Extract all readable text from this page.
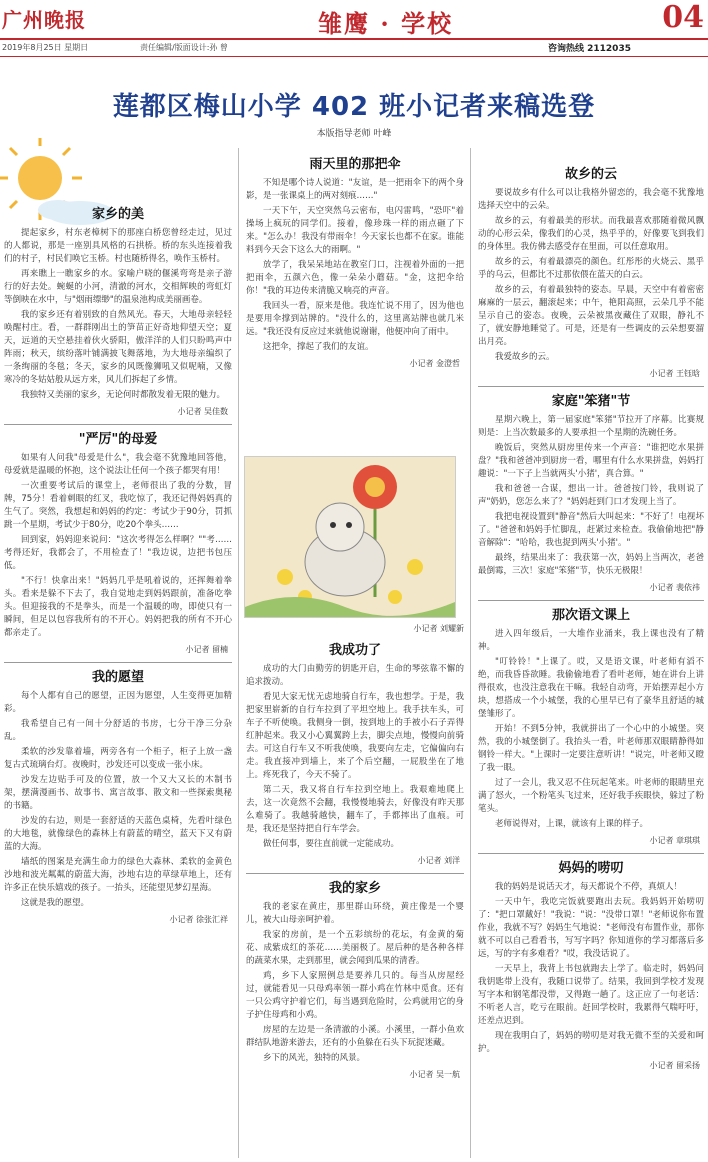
广州晚报	雏鹰 · 学校	04
2019年8月25日 星期日	责任编辑/版面设计:孙 曾	咨询热线 2112035
莲都区梅山小学 402 班小记者来稿选登
本版指导老师 叶峰
家乡的美

提起家乡，村东老樟树下的那座白桥您曾经走过，见过的人都说，那是一座别具风格的石拱桥。桥的东头连接着我们的村子，村民们唤它玉桥。村也随桥得名，唤作玉桥村。

再来瞧上一瞧家乡的水。家喻户晓的偃溪弯弯是亲子游行的好去处。蜿蜒的小河，清澈的河水，交相辉映的弯虹灯等倒映在水中，与"烟雨缥缈"的温泉池构成美丽画卷。

我的家乡还有着别致的自然风光。春天，大地母亲轻轻唤醒村庄。看，一群群刚出土的笋苗正好奇地仰望天空；夏天，远道的天空悬挂着伙火骄阳，傲洋洋的人们只盼鸣声中阵雨；秋天，缤纷落叶铺满披飞舞落地，为大地母亲编织了一条绚丽的冬毯；冬天，家乡的风既像狮吼又似呢喃，又像寒冷的冬姑姑般从远方来，风儿们拆起了乡情。

我独特又美丽的家乡，无论何时都散发着无限的魅力。

小记者 吴佳数
"严厉"的母爱

如果有人问我"母爱是什么"，我会毫不犹豫地回答他，母爱就是温暖的怀抱，这个说法让任何一个孩子都哭有用！

一次重要考试后的课堂上，老师很出了我的分数，冒牌，75分！看着刺眼的红叉，我吃惊了，我还记得妈妈真的生气了。突然，我想起和妈妈的约定：考试少于90分，罚抓跳一个星期，考试少于80分，吃20个拳头……

回到家，妈妈迎来说问："这次考得怎么样啊？""考……考得还好，我都会了，不用检查了！"我边说，边把书包压低。

"不行！快拿出来！"妈妈几乎是吼着说的，还挥舞着拳头。看来是躲不下去了，我自觉地走到妈妈跟前，准备吃拳头。但迎接我的不是拳头，而是一个温暖的吻，即使只有一瞬间，但足以包容我所有的不开心。妈妈把我的所有不开心都亲走了。

小记者 留楠
我的愿望

每个人都有自己的愿望，正因为愿望，人生变得更加精彩。

我希望自己有一间十分舒适的书房，七分干净三分杂乱。

柔软的沙发靠着墙，两旁各有一个柜子，柜子上放一盏复古式琉璃台灯。夜晚时，沙发还可以变成一张小床。

沙发左边贴手可及的位置，放一个又大又长的木制书架，摆满漫画书、故事书、寓言故事、散文和一些探索奥秘的书籍。

沙发的右边，则是一套舒适的天蓝色桌椅，先看叶绿色的大地毯，就像绿色的森林上有蔚蓝的晴空，蓝天下又有蔚蓝的大海。

墙纸的图案是充满生命力的绿色大森林、柔软的金黄色沙地和波光粼粼的蔚蓝大海，沙地右边的草绿草地上，还有许多正在快乐嬉戏的孩子。一抬头，还能望见梦幻星海。

这就是我的愿望。

小记者 徐张汇祥
雨天里的那把伞

不知是哪个诗人说道："友谊，是一把雨伞下的两个身影，是一张课桌上的两对刻痕……"

一天下午，天空突然乌云密布，电闪雷鸣，"恐吓"着操场上疯玩的同学们。接着，像珍珠一样的雨点砸了下来。"怎么办！我没有带雨伞！今天家长也都不在家。谁能料到今天会下这么大的雨啊。"

放学了，我呆呆地站在教室门口，注视着外面的一把把雨伞，五颜六色，像一朵朵小蘑菇。"金，这把伞给你！"我的耳边传来清脆又响亮的声音。

我回头一看，原来是他。我连忙说不用了，因为他也是要用伞撑到站牌的。"没什么的，这里离站牌也就几米远。"我还没有反应过来就他说谢谢，他便冲向了雨中。

这把伞，撑起了我们的友谊。

小记者 金澄哲
小记者 刘耀新
我成功了

成功的大门由勤劳的钥匙开启，生命的琴弦靠不懈的追求拨动。

看见大家无忧无虑地骑自行车，我也想学。于是，我把家里崭新的自行车拉到了平坦空地上。我手扶车头，可车子不听使唤。我侧身一倒，按到地上的手被小石子弄得红肿起来。我又小心翼翼跨上去，脚尖点地，慢慢向前骑去。可这自行车又不听我使唤，我要向左走，它偏偏向右走。我直接冲到墙上，来了个后空翻，一屁股坐在了地上。疼死我了，今天不骑了。

第二天，我又将自行车拉到空地上。我艰难地爬上去，这一次竟然不会翻，我慢慢地骑去，好像没有昨天那么难骑了。我越骑越快，翻车了，手都摔出了血痕。可是，我还是坚持把自行车学会。

做任何事，要往直前就一定能成功。

小记者 刘洋
我的家乡

我的老家在黄庄，那里群山环绕，黄庄像是一个婴儿，被大山母亲呵护着。

我家的房前，是一个五彩缤纷的花坛，有金黄的菊花、成紫成红的茶花……美丽极了。屋后种的是各种各样的蔬菜水果，走到那里，就会闻到瓜果的清香。

鸡，乡下人家照例总是要养几只的。每当从房屋经过，就能看见一只母鸡率领一群小鸡在竹林中觅食。还有一只公鸡守护着它们，每当遇到危险时，公鸡就用它的身子护住母鸡和小鸡。

房屋的左边是一条清澈的小溪。小溪里，一群小鱼欢群结队地游来游去，还有的小鱼躲在石头下玩捉迷藏。

乡下的风光，独特的风景。

小记者 吴一航
故乡的云

要说故乡有什么可以让我格外留恋的，我会毫不犹豫地选择天空中的云朵。

故乡的云，有着最美的形状。而我最喜欢那随着微风飘动的心形云朵，像我们的心灵，热乎乎的，好像要飞到我们的身体里。我仿佛去感受存在里面，可以任意取用。

故乡的云，有着最漂亮的颜色。红彤彤的火烧云、黑乎乎的乌云，但都比不过那依偎在蓝天的白云。

故乡的云，有着最独特的姿态。早晨，天空中有着密密麻麻的一层云，翻滚起来；中午，艳阳高照，云朵几乎不能呈示自己的姿态。夜晚，云朵被黑夜藏住了双眼，静礼不了，就安静地睡觉了。可是，还是有一些调皮的云朵想要溜出月亮。

我爱故乡的云。

小记者 王钰晗
家庭"笨猪"节

星期六晚上，第一届家庭"笨猪"节拉开了序幕。比赛规则是：上当次数最多的人要承担一个星期的洗碗任务。

晚饭后，突然从厨房里传来一个声音："谁把吃水果拼盘？"我和爸爸冲到厨房一看，哪里有什么水果拼盘，妈妈打趣说："一下子上当就两头'小猪'，真合算。"

我和爸爸一合谋，想出一计。爸爸按门铃，我则说了声"奶奶，您怎么来了？"妈妈赶到门口才发现上当了。

我把电视设置到"静音"然后大叫起来："不好了！电视坏了。"爸爸和妈妈手忙脚乱，赶紧过来检查。我偷偷地把"静音解除"："哈哈，我也捉到两头'小猪'。"

最终，结果出来了：我获第一次，妈妈上当两次，老爸最倒霉，三次！家庭"笨猪"节，快乐无极限！

小记者 裴依祎
那次语文课上

进入四年级后，一大堆作业涌来，我上课也没有了精神。

"叮铃铃！"上课了。哎，又是语文课，叶老师有滔不绝，而我昏昏欲睡。我偷偷地看了看叶老师，她在讲台上讲得很欢，也没注意我在干嘛。我轻自动弯，开始摆弄起小方块，想搭成一个小城堡，我的心里早已有了豪华且舒适的城堡雏形了。

开始！不到5分钟，我就拼出了一个心中的小城堡。突然，我的小城堡倒了。我抬头一看，叶老师那双眼睛静得如钢铃一样大。"上课时一定要注意听讲！"说完，叶老师又瞪了我一眼。

过了一会儿，我又忍不住玩起笔来。叶老师的眼睛里充满了怒火，一个粉笔头飞过来，还好我手疾眼快，躲过了粉笔头。

老师说得对，上课，就该有上课的样子。

小记者 章琪琪
妈妈的唠叨

我的妈妈是说话天才，每天都说个不停，真烦人！

一天中午，我吃完饭就要跑出去玩。我妈妈开始唠叨了："把口罩戴好！"我说："说："没带口罩！"老师说你布置作业，我就不写？妈妈生气地说："老师没有布置作业，那你就不可以自己看看书，写写字吗？你知道你的学习都落后多远，写的字有多难看？"哎，我没话说了。

一天早上，我背上书包就跑去上学了。临走时，妈妈问我钥匙带上没有，我随口说带了。结果，我回到学校才发现写字本和钢笔都没带，又得跑一趟了。这正应了一句老话：不听老人言，吃亏在眼前。赶回学校时，我累得气喘吁吁，还差点迟到。

现在我明白了，妈妈的唠叨是对我无微不至的关爱和呵护。

小记者 留采扬
